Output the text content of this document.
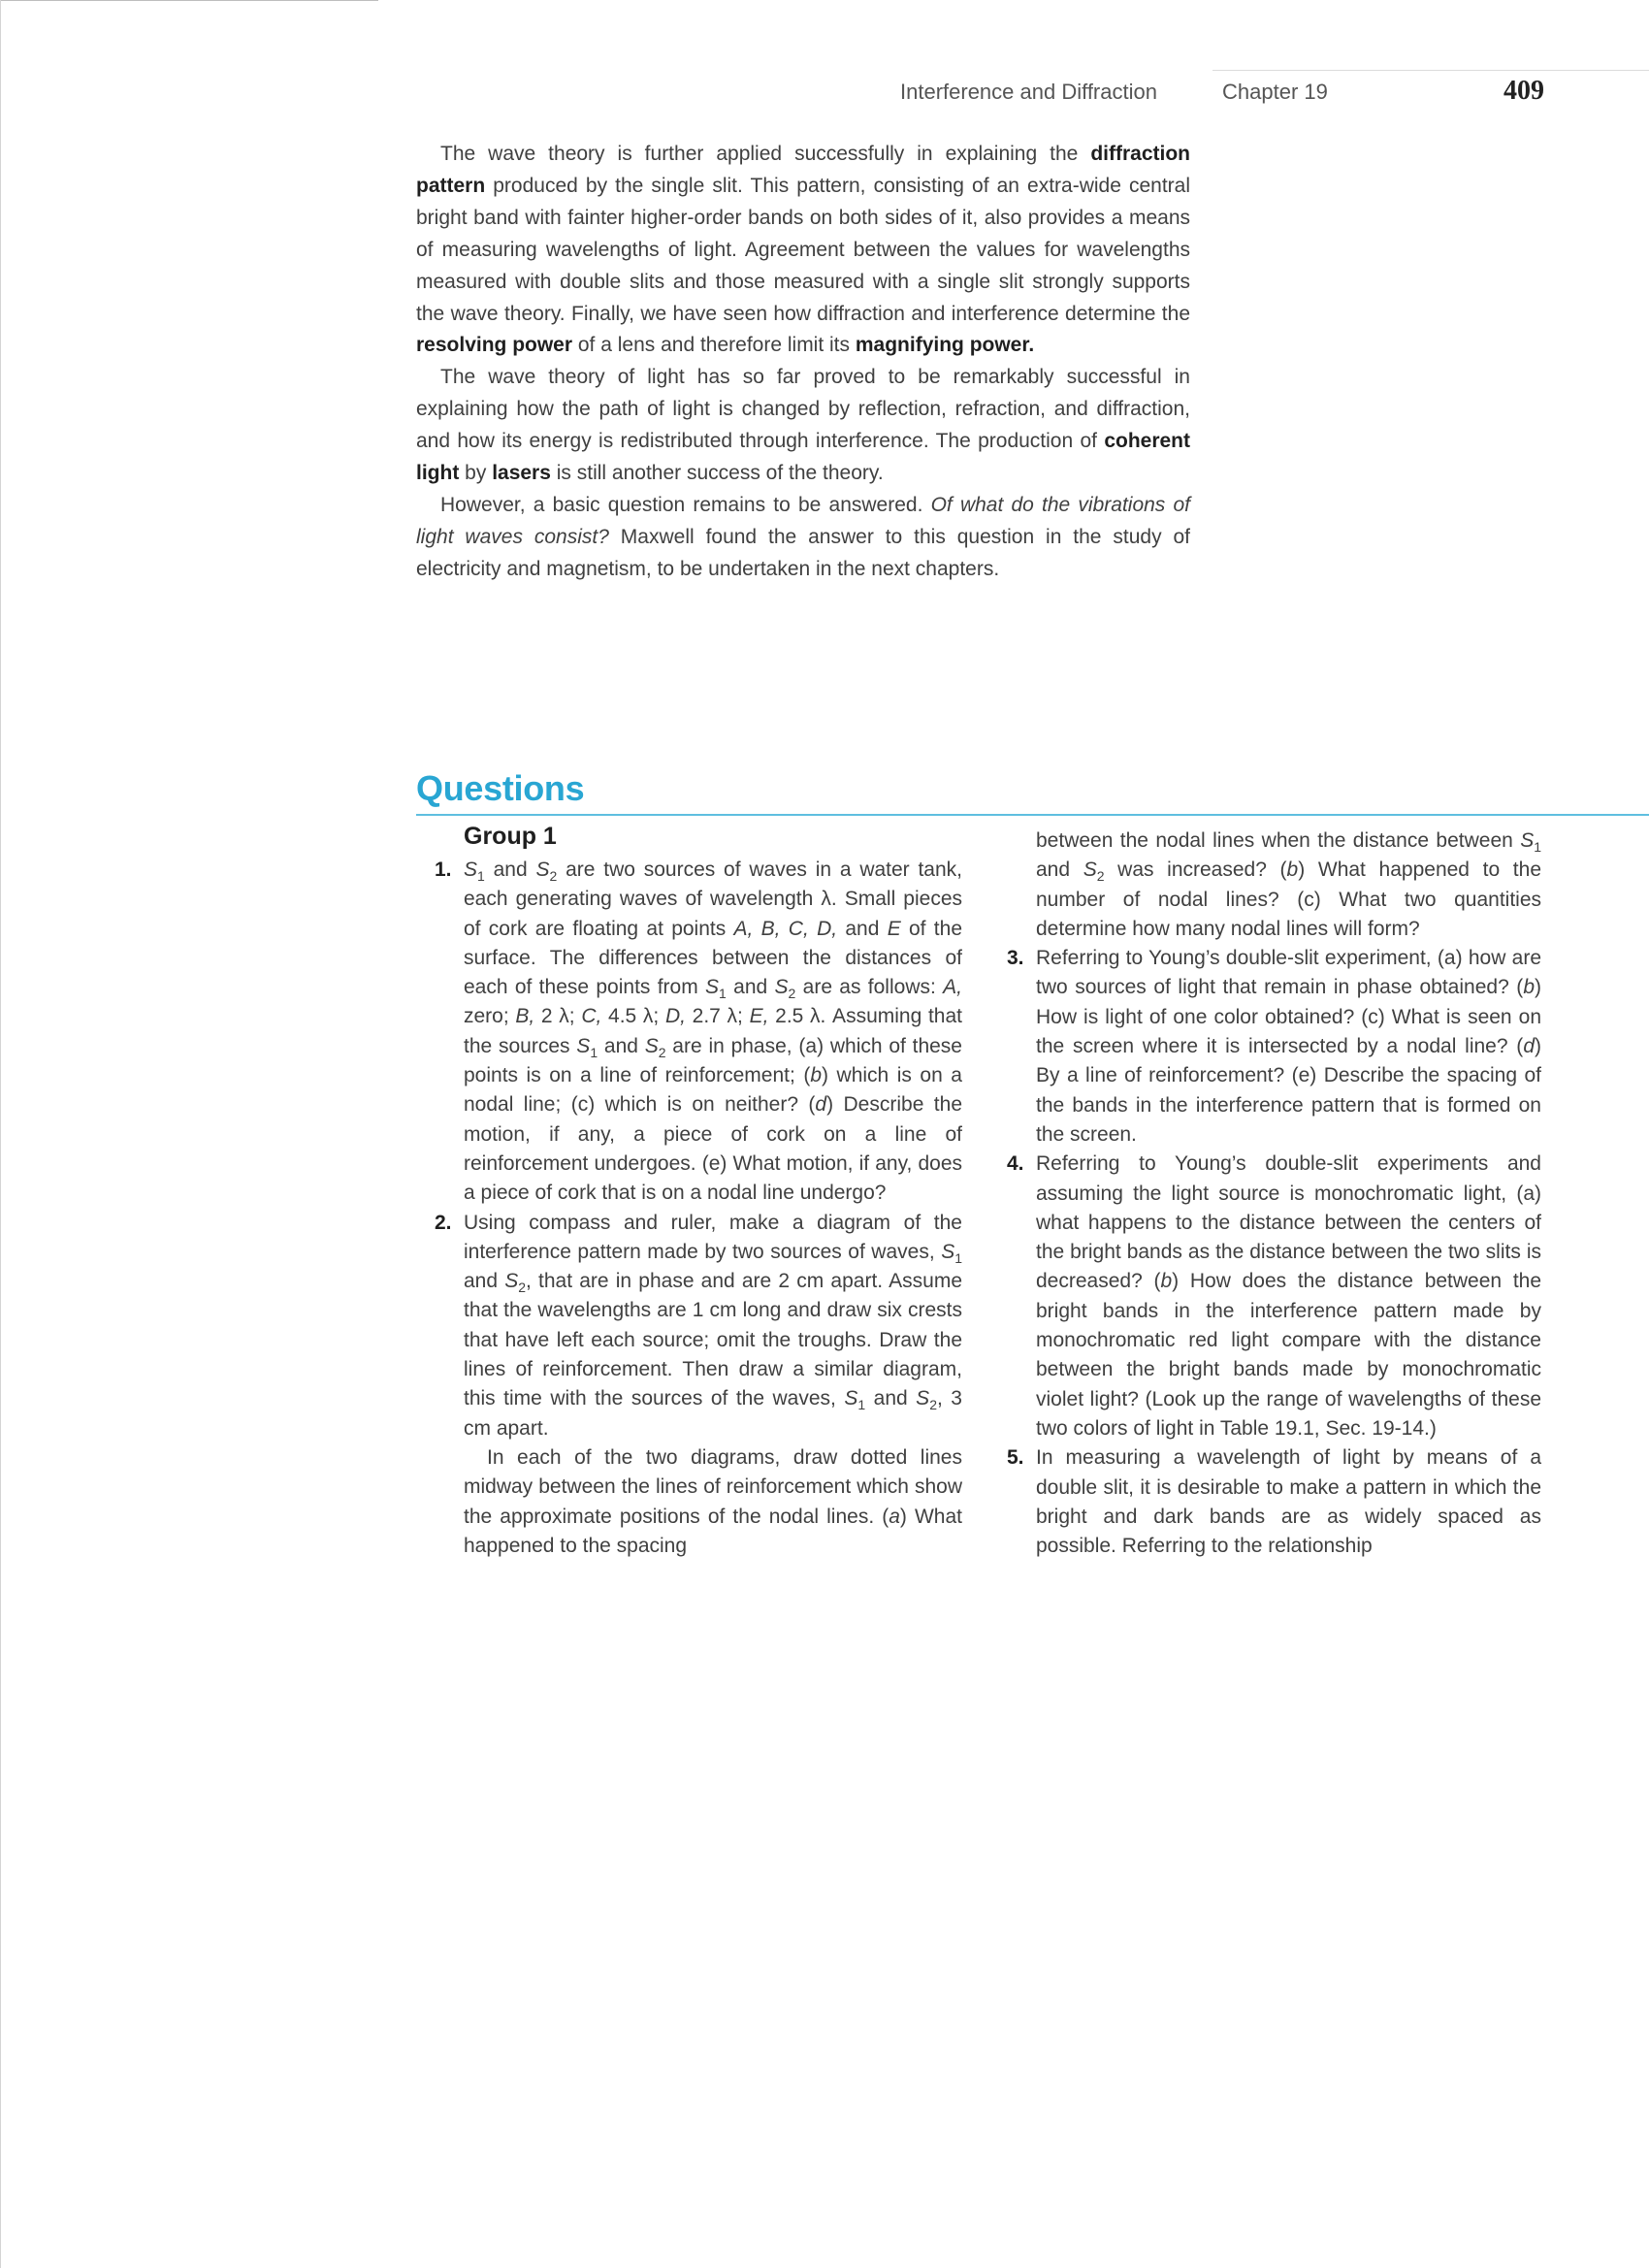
Interference and Diffraction	Chapter 19	409

The wave theory is further applied successfully in explaining the diffraction pattern produced by the single slit. This pattern, consisting of an extra-wide central bright band with fainter higher-order bands on both sides of it, also provides a means of measuring wavelengths of light. Agreement between the values for wavelengths measured with double slits and those measured with a single slit strongly supports the wave theory. Finally, we have seen how diffraction and interference determine the resolving power of a lens and therefore limit its magnifying power.

The wave theory of light has so far proved to be remarkably successful in explaining how the path of light is changed by reflection, refraction, and diffraction, and how its energy is redistributed through interference. The production of coherent light by lasers is still another success of the theory.

However, a basic question remains to be answered. Of what do the vibrations of light waves consist? Maxwell found the answer to this question in the study of electricity and magnetism, to be undertaken in the next chapters.

Questions
Group 1

1. $S_1$ and $S_2$ are two sources of waves in a water tank, each generating waves of wavelength λ. Small pieces of cork are floating at points A, B, C, D, and E of the surface. The differences between the distances of each of these points from $S_1$ and $S_2$ are as follows: A, zero; B, 2 λ; C, 4.5 λ; D, 2.7 λ; E, 2.5 λ. Assuming that the sources $S_1$ and $S_2$ are in phase, (a) which of these points is on a line of reinforcement; (b) which is on a nodal line; (c) which is on neither? (d) Describe the motion, if any, a piece of cork on a line of reinforcement undergoes. (e) What motion, if any, does a piece of cork that is on a nodal line undergo?

2. Using compass and ruler, make a diagram of the interference pattern made by two sources of waves, $S_1$ and $S_2$, that are in phase and are 2 cm apart. Assume that the wavelengths are 1 cm long and draw six crests that have left each source; omit the troughs. Draw the lines of reinforcement. Then draw a similar diagram, this time with the sources of the waves, $S_1$ and $S_2$, 3 cm apart.

In each of the two diagrams, draw dotted lines midway between the lines of reinforcement which show the approximate positions of the nodal lines. (a) What happened to the spacing

between the nodal lines when the distance between $S_1$ and $S_2$ was increased? (b) What happened to the number of nodal lines? (c) What two quantities determine how many nodal lines will form?

3. Referring to Young’s double-slit experiment, (a) how are two sources of light that remain in phase obtained? (b) How is light of one color obtained? (c) What is seen on the screen where it is intersected by a nodal line? (d) By a line of reinforcement? (e) Describe the spacing of the bands in the interference pattern that is formed on the screen.

4. Referring to Young’s double-slit experiments and assuming the light source is monochromatic light, (a) what happens to the distance between the centers of the bright bands as the distance between the two slits is decreased? (b) How does the distance between the bright bands in the interference pattern made by monochromatic red light compare with the distance between the bright bands made by monochromatic violet light? (Look up the range of wavelengths of these two colors of light in Table 19.1, Sec. 19-14.)

5. In measuring a wavelength of light by means of a double slit, it is desirable to make a pattern in which the bright and dark bands are as widely spaced as possible. Referring to the relationship
